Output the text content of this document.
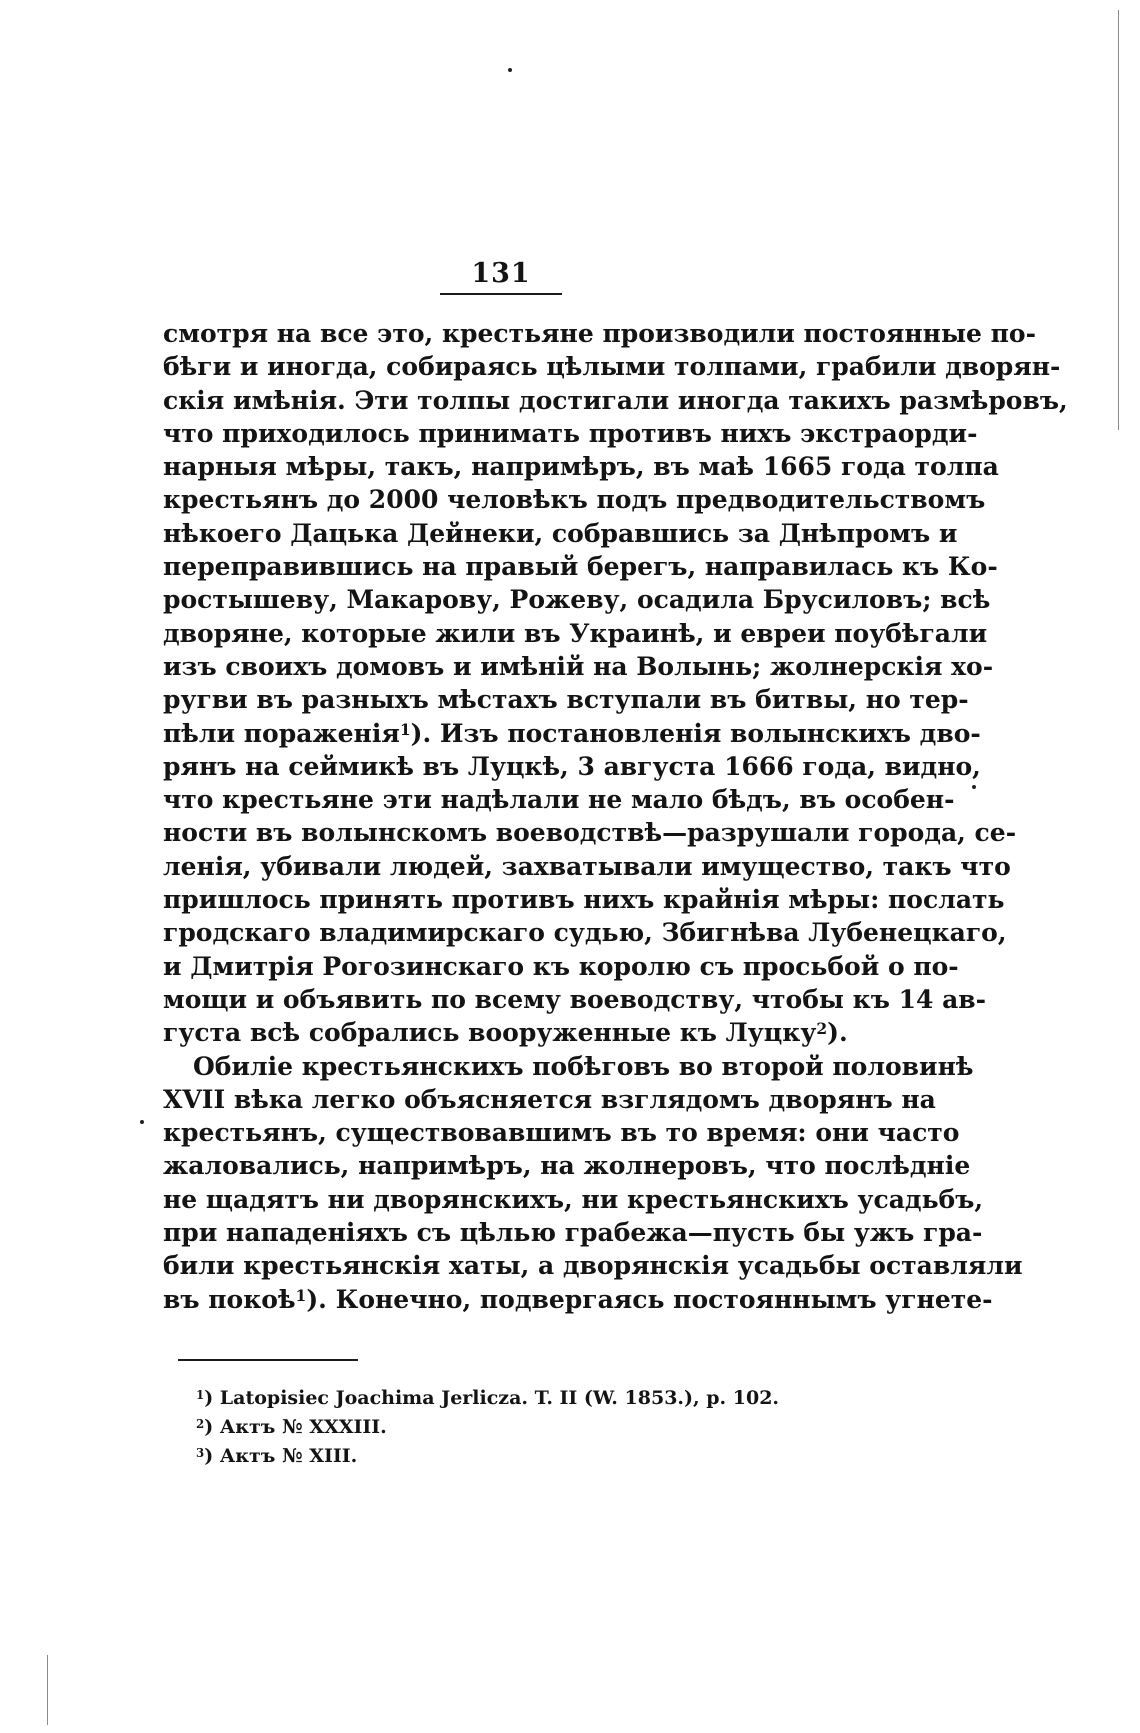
131
смотря на все это, крестьяне производили постоянные по-
бѣги и иногда, собираясь цѣлыми толпами, грабили дворян-
скія имѣнія. Эти толпы достигали иногда такихъ размѣровъ,
что приходилось принимать противъ нихъ экстраорди-
нарныя мѣры, такъ, напримѣръ, въ маѣ 1665 года толпа
крестьянъ до 2000 человѣкъ подъ предводительствомъ
нѣкоего Дацька Дейнеки, собравшись за Днѣпромъ и
переправившись на правый берегъ, направилась къ Ко-
ростышеву, Макарову, Рожеву, осадила Брусиловъ; всѣ
дворяне, которые жили въ Украинѣ, и евреи поубѣгали
изъ своихъ домовъ и имѣній на Волынь; жолнерскія хо-
ругви въ разныхъ мѣстахъ вступали въ битвы, но тер-
пѣли пораженія$^1$). Изъ постановленія волынскихъ дво-
рянъ на сеймикѣ въ Луцкѣ, 3 августа 1666 года, видно,
что крестьяне эти надѣлали не мало бѣдъ, въ особен-
ности въ волынскомъ воеводствѣ—разрушали города, се-
ленія, убивали людей, захватывали имущество, такъ что
пришлось принять противъ нихъ крайнія мѣры: послать
гродскаго владимирскаго судью, Збигнѣва Лубенецкаго,
и Дмитрія Рогозинскаго къ королю съ просьбой о по-
мощи и объявить по всему воеводству, чтобы къ 14 ав-
густа всѣ собрались вооруженные къ Луцку$^2$).
Обиліе крестьянскихъ побѣговъ во второй половинѣ
XVII вѣка легко объясняется взглядомъ дворянъ на
крестьянъ, существовавшимъ въ то время: они часто
жаловались, напримѣръ, на жолнеровъ, что послѣдніе
не щадятъ ни дворянскихъ, ни крестьянскихъ усадьбъ,
при нападеніяхъ съ цѣлью грабежа—пусть бы ужъ гра-
били крестьянскія хаты, а дворянскія усадьбы оставляли
въ покоѣ$^1$). Конечно, подвергаясь постояннымъ угнете-
$^1$) Latopisiec Joachima Jerlicza. T. II (W. 1853.), p. 102.
$^2$) Актъ № XXXIII.
$^3$) Актъ № XIII.
